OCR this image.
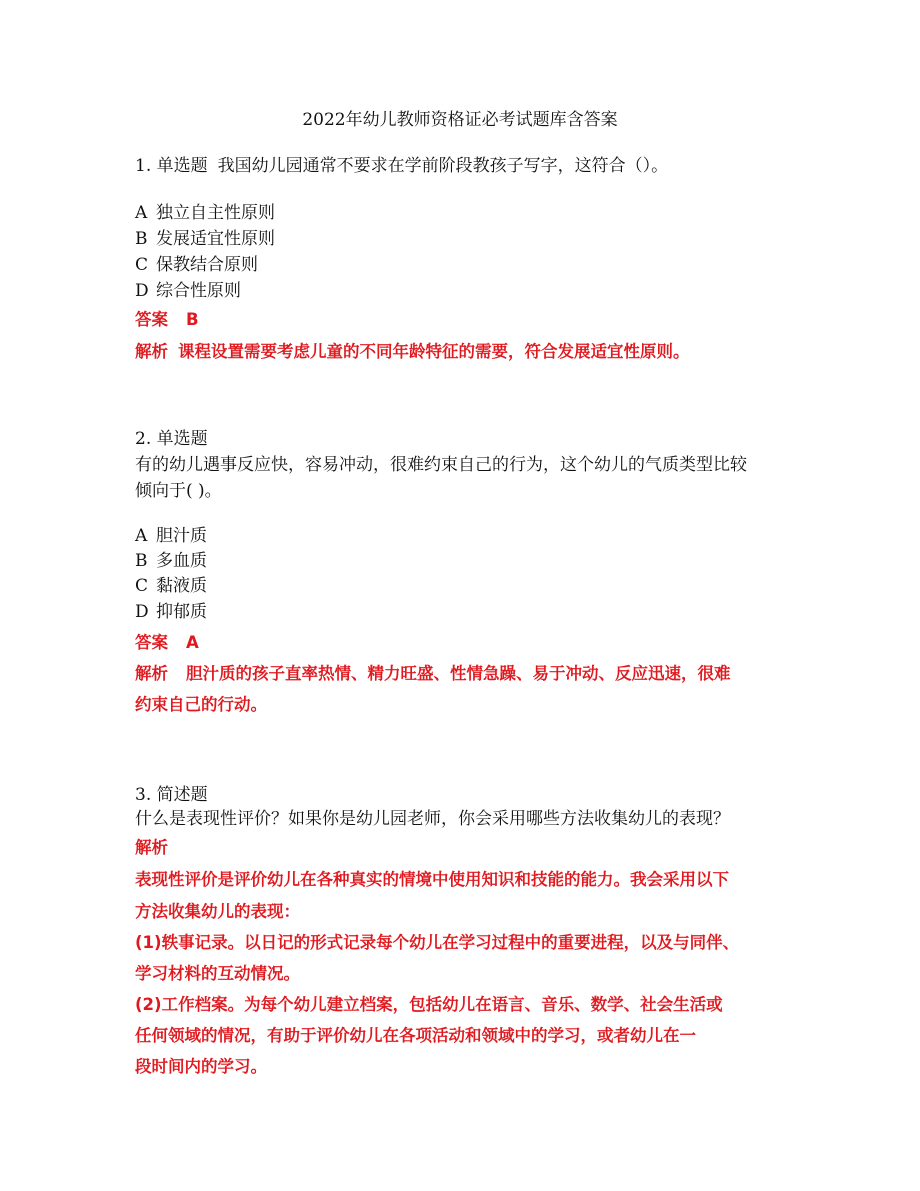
2022年幼儿教师资格证必考试题库含答案
1. 单选题 我国幼儿园通常不要求在学前阶段教孩子写字，这符合（）。
A 独立自主性原则
B 发展适宜性原则
C 保教结合原则
D 综合性原则
答案 B
解析 课程设置需要考虑儿童的不同年龄特征的需要，符合发展适宜性原则。
2. 单选题
有的幼儿遇事反应快，容易冲动，很难约束自己的行为，这个幼儿的气质类型比较
倾向于( )。
A 胆汁质
B 多血质
C 黏液质
D 抑郁质
答案 A
解析 胆汁质的孩子直率热情、精力旺盛、性情急躁、易于冲动、反应迅速，很难
约束自己的行动。
3. 简述题
什么是表现性评价？如果你是幼儿园老师，你会采用哪些方法收集幼儿的表现？
解析
表现性评价是评价幼儿在各种真实的情境中使用知识和技能的能力。我会采用以下
方法收集幼儿的表现：
(1)轶事记录。以日记的形式记录每个幼儿在学习过程中的重要进程，以及与同伴、
学习材料的互动情况。
(2)工作档案。为每个幼儿建立档案，包括幼儿在语言、音乐、数学、社会生活或
任何领域的情况，有助于评价幼儿在各项活动和领域中的学习，或者幼儿在一
段时间内的学习。
